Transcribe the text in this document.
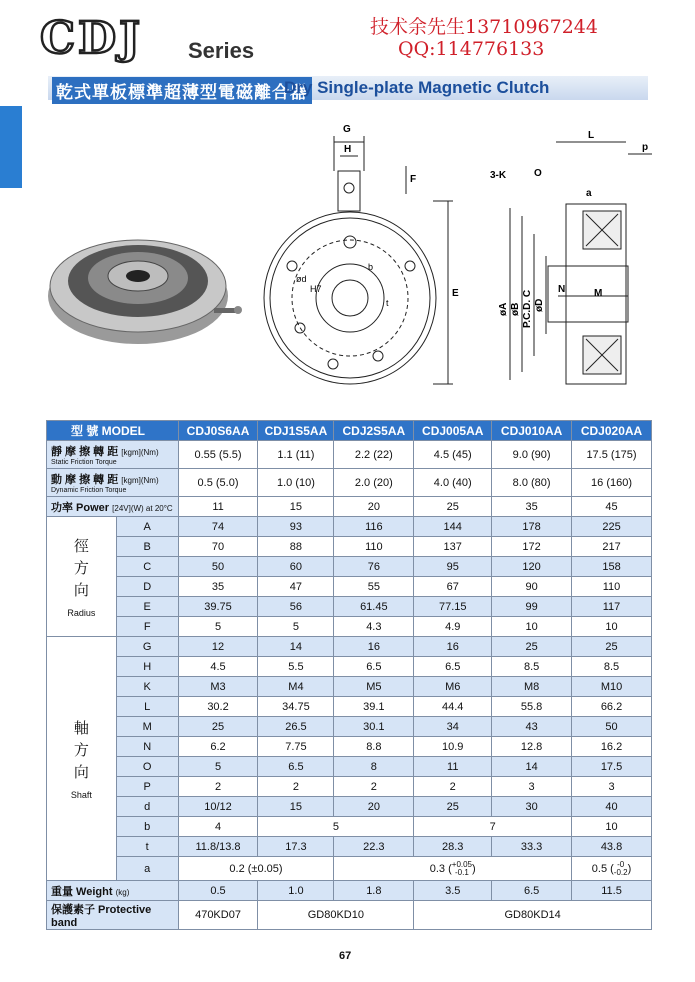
CDJ Series
技术余先生13710967244
QQ:114776133
乾式單板標準超薄型電磁離合器
Dry Single-plate Magnetic Clutch
G
H
F
E
b
t
ød
H7
L
p
3-K	O
a
N	M
øA øB P.C.D. C øD
型 號 MODEL		CDJ0S6AA	CDJ1S5AA	CDJ2S5AA	CDJ005AA	CDJ010AA	CDJ020AA
靜 摩 擦 轉 距 [kgm](Nm)
Static Friction Torque		0.55 (5.5)	1.1 (11)	2.2 (22)	4.5 (45)	9.0 (90)	17.5 (175)
動 摩 擦 轉 距 [kgm](Nm)
Dynamic Friction Torque		0.5 (5.0)	1.0 (10)	2.0 (20)	4.0 (40)	8.0 (80)	16 (160)
功率 Power [24V](W) at 20°C		11	15	20	25	35	45

徑
方
向
Radius	A	74	93	116	144	178	225
	B	70	88	110	137	172	217
	C	50	60	76	95	120	158
	D	35	47	55	67	90	110
	E	39.75	56	61.45	77.15	99	117
	F	5	5	4.3	4.9	10	10

軸
方
向
Shaft	G	12	14	16	16	25	25
	H	4.5	5.5	6.5	6.5	8.5	8.5
	K	M3	M4	M5	M6	M8	M10
	L	30.2	34.75	39.1	44.4	55.8	66.2
	M	25	26.5	30.1	34	43	50
	N	6.2	7.75	8.8	10.9	12.8	16.2
	O	5	6.5	8	11	14	17.5
	P	2	2	2	2	3	3
	d	10/12	15	20	25	30	40
	b	4	5		7		10
	t	11.8/13.8	17.3	22.3	28.3	33.3	43.8
	a	0.2 (±0.05)		0.3 (+0.05
-0.1 )			0.5 ( -0
-0.2)
重量 Weight (kg)		0.5	1.0	1.8	3.5	6.5	11.5
保護素子 Protective band		470KD07	GD80KD10		GD80KD14		
67
